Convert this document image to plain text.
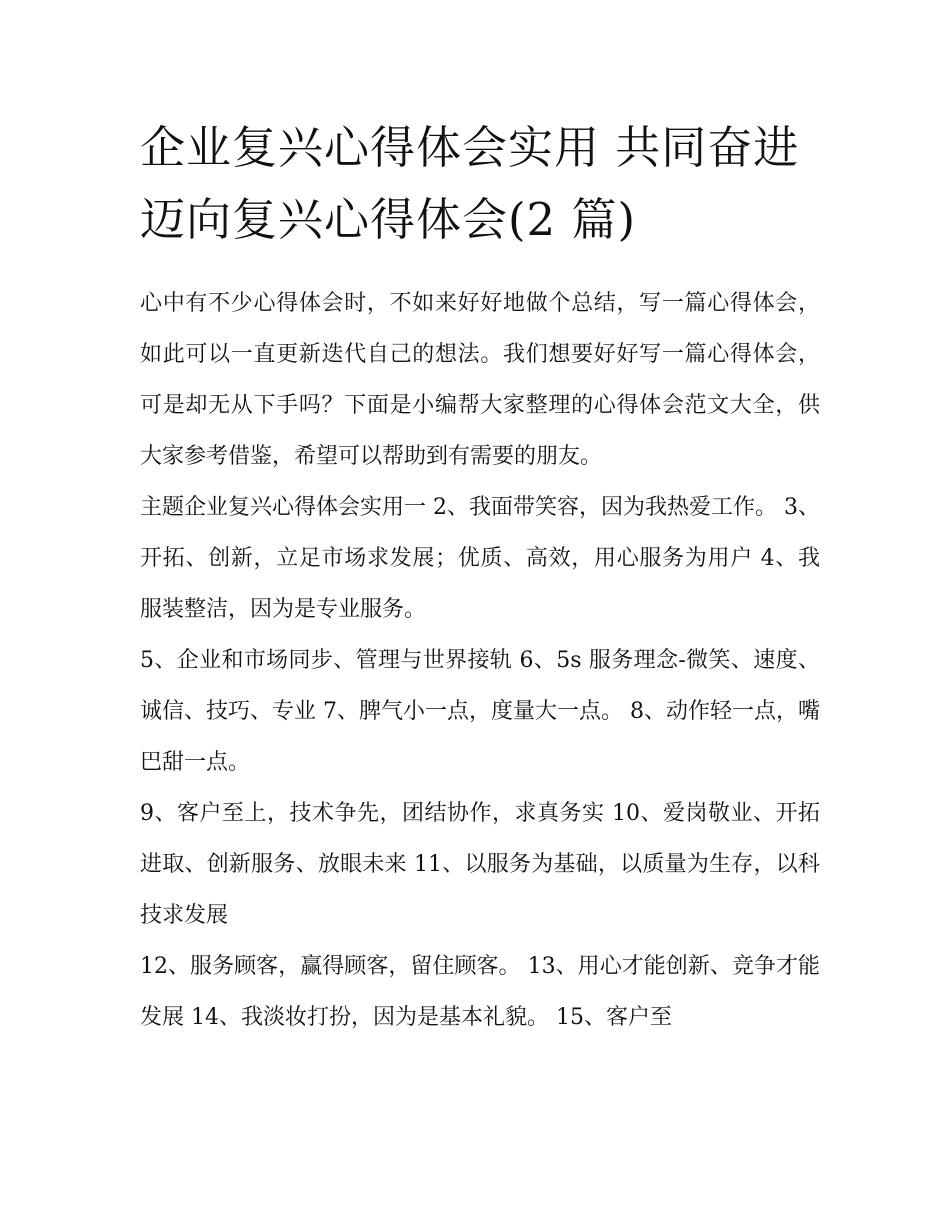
企业复兴心得体会实用 共同奋进迈向复兴心得体会(2 篇)

心中有不少心得体会时，不如来好好地做个总结，写一篇心得体会，如此可以一直更新迭代自己的想法。我们想要好好写一篇心得体会，可是却无从下手吗？下面是小编帮大家整理的心得体会范文大全，供大家参考借鉴，希望可以帮助到有需要的朋友。

主题企业复兴心得体会实用一 2、我面带笑容，因为我热爱工作。 3、开拓、创新，立足市场求发展；优质、高效，用心服务为用户 4、我服装整洁，因为是专业服务。

5、企业和市场同步、管理与世界接轨 6、5s 服务理念-微笑、速度、诚信、技巧、专业 7、脾气小一点，度量大一点。 8、动作轻一点，嘴巴甜一点。

9、客户至上，技术争先，团结协作，求真务实 10、爱岗敬业、开拓进取、创新服务、放眼未来 11、以服务为基础，以质量为生存，以科技求发展

12、服务顾客，赢得顾客，留住顾客。 13、用心才能创新、竞争才能发展 14、我淡妆打扮，因为是基本礼貌。 15、客户至
